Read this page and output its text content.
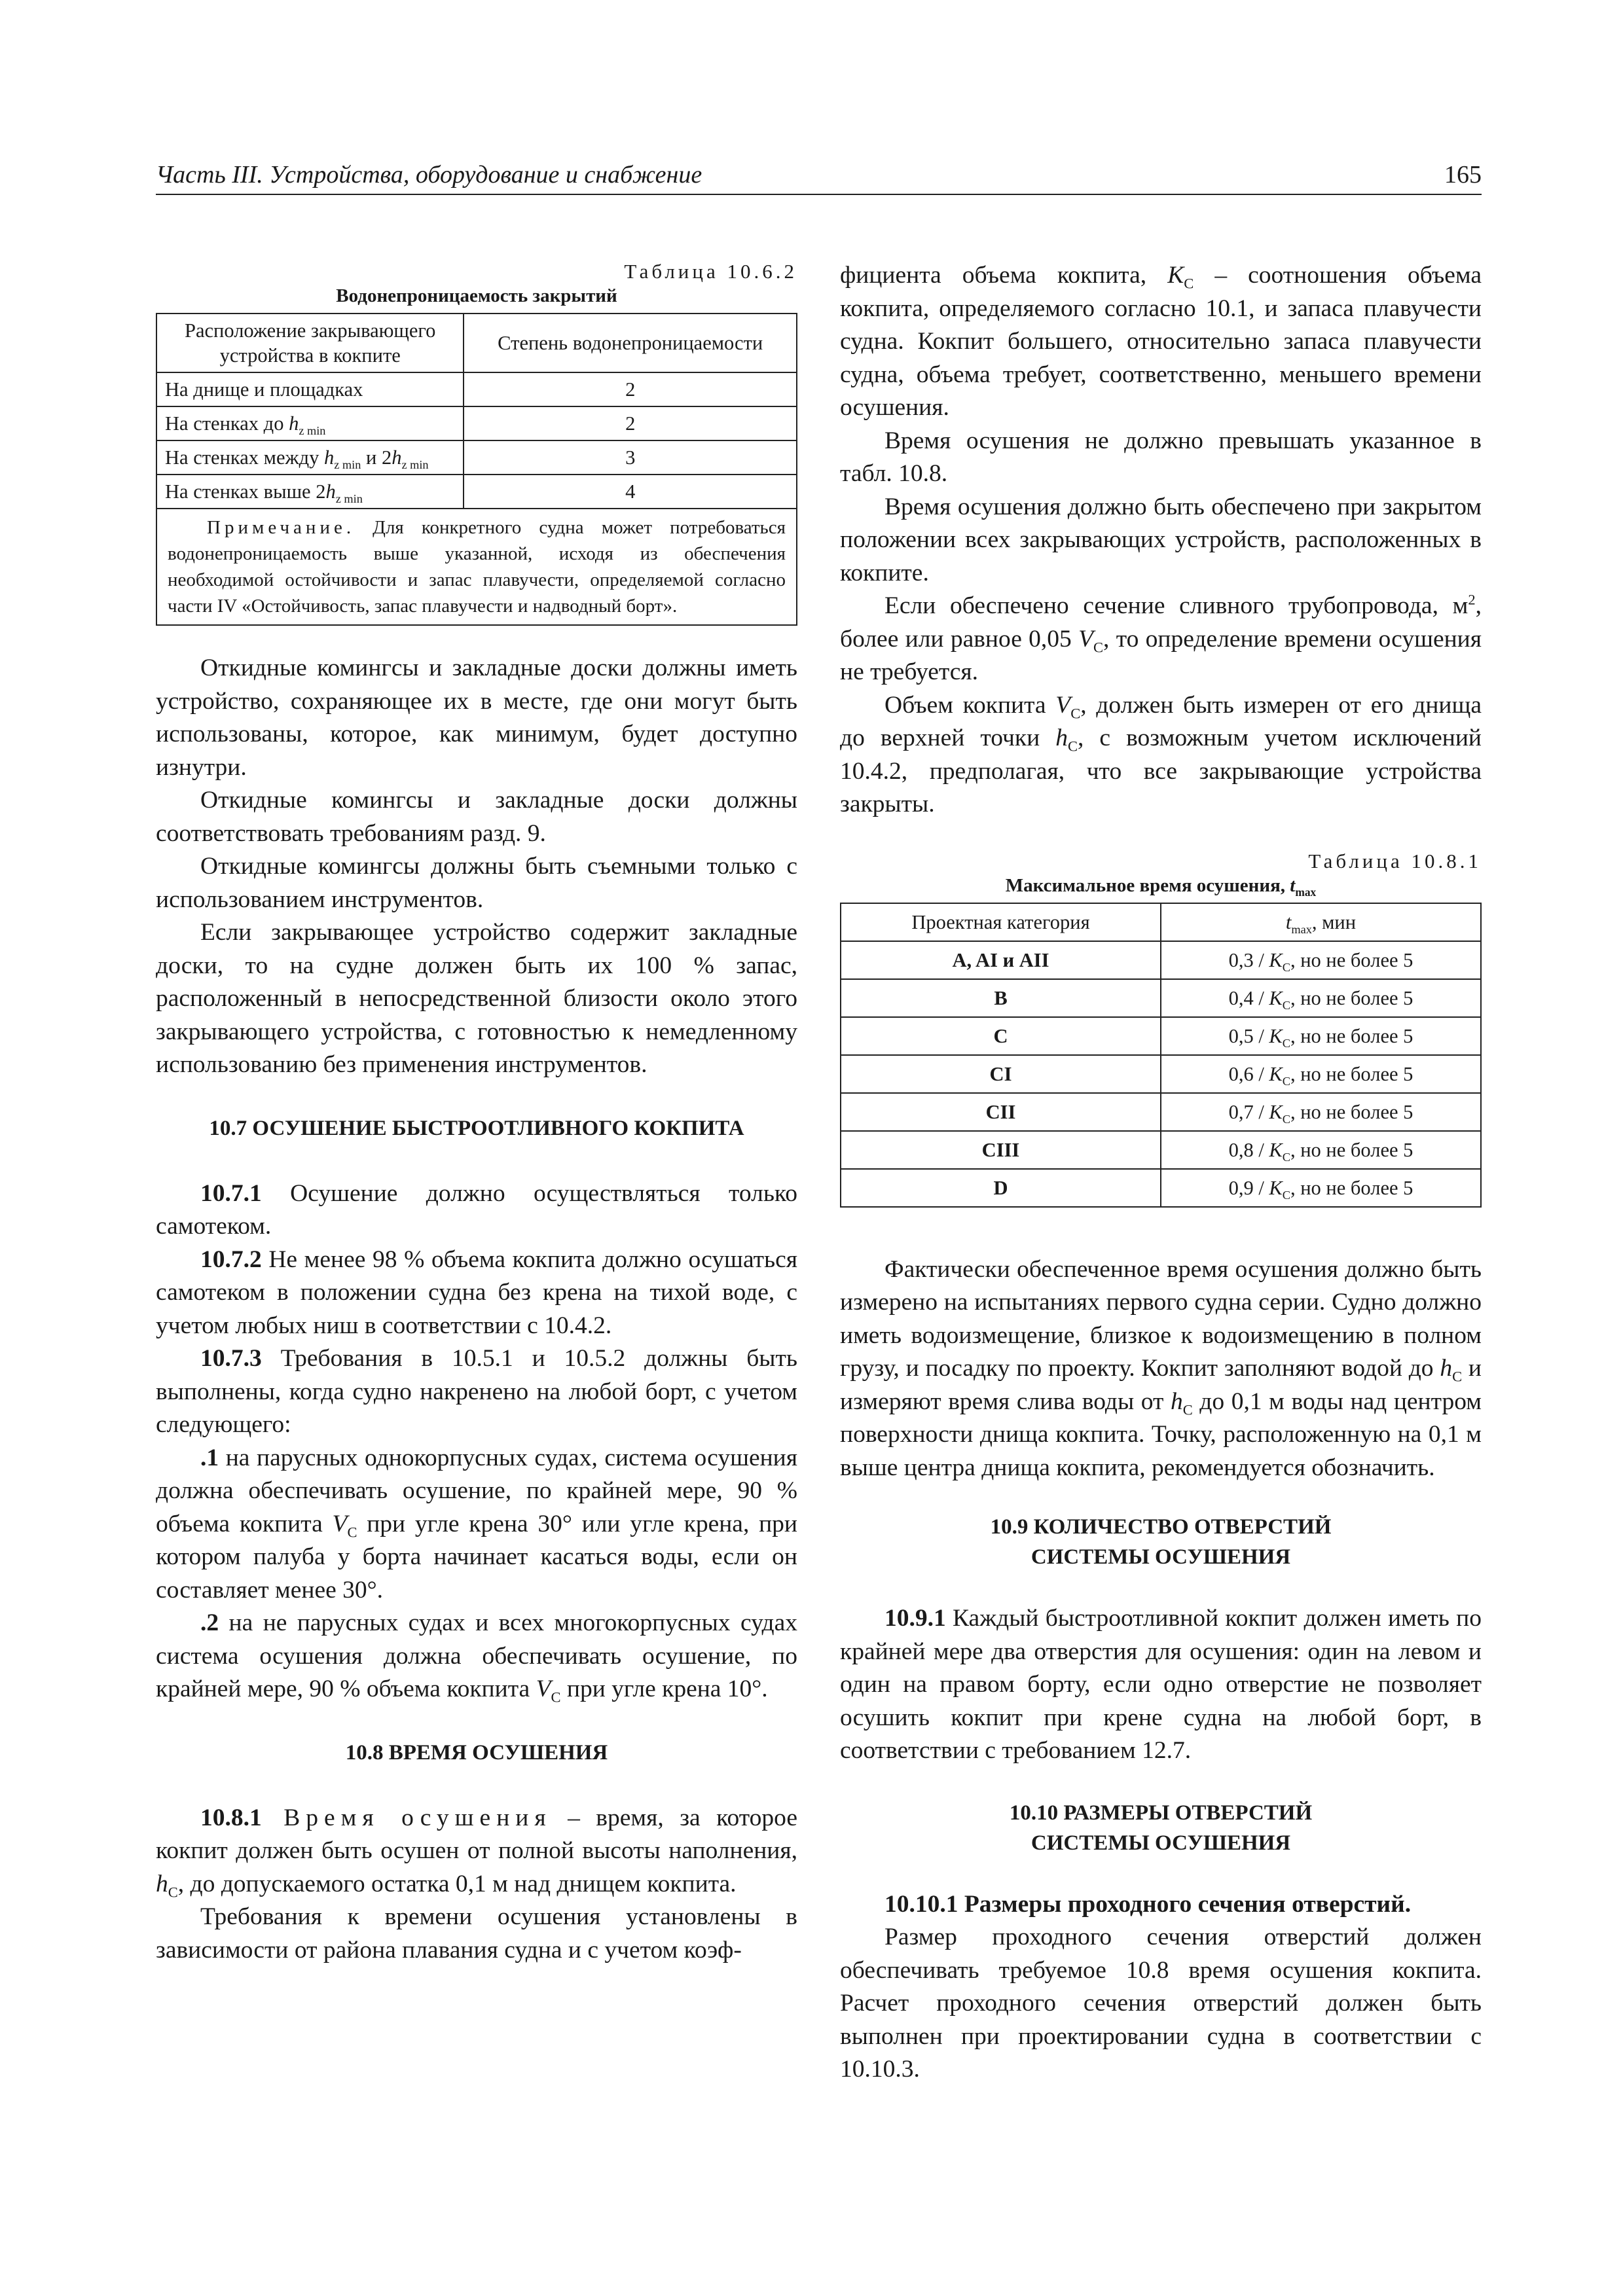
Часть III. Устройства, оборудование и снабжение	165

Таблица 10.6.2

Водонепроницаемость закрытий

Расположение закрывающего устройства в кокпите	Степень водонепроницаемости
На днище и площадках	2
На стенках до $h_{z min}$	2
На стенках между $h_{z min}$ и $2h_{z min}$	3
На стенках выше $2h_{z min}$	4
Примечание. Для конкретного судна может потребоваться водонепроницаемость выше указанной, исходя из обеспечения необходимой остойчивости и запас плавучести, определяемой согласно части IV «Остойчивость, запас плавучести и надводный борт».	

Откидные комингсы и закладные доски должны иметь устройство, сохраняющее их в месте, где они могут быть использованы, которое, как минимум, будет доступно изнутри.

Откидные комингсы и закладные доски должны соответствовать требованиям разд. 9.

Откидные комингсы должны быть съемными только с использованием инструментов.

Если закрывающее устройство содержит закладные доски, то на судне должен быть их 100 % запас, расположенный в непосредственной близости около этого закрывающего устройства, с готовностью к немедленному использованию без применения инструментов.

10.7 ОСУШЕНИЕ БЫСТРООТЛИВНОГО КОКПИТА

10.7.1 Осушение должно осуществляться только самотеком.

10.7.2 Не менее 98 % объема кокпита должно осушаться самотеком в положении судна без крена на тихой воде, с учетом любых ниш в соответствии с 10.4.2.

10.7.3 Требования в 10.5.1 и 10.5.2 должны быть выполнены, когда судно накренено на любой борт, с учетом следующего:

.1 на парусных однокорпусных судах, система осушения должна обеспечивать осушение, по крайней мере, 90 % объема кокпита $V_C$ при угле крена 30° или угле крена, при котором палуба у борта начинает касаться воды, если он составляет менее 30°.

.2 на не парусных судах и всех многокорпусных судах система осушения должна обеспечивать осушение, по крайней мере, 90 % объема кокпита $V_C$ при угле крена 10°.

10.8 ВРЕМЯ ОСУШЕНИЯ

10.8.1 Время осушения – время, за которое кокпит должен быть осушен от полной высоты наполнения, $h_C$, до допускаемого остатка 0,1 м над днищем кокпита.

Требования к времени осушения установлены в зависимости от района плавания судна и с учетом коэф-

фициента объема кокпита, $K_C$ – соотношения объема кокпита, определяемого согласно 10.1, и запаса плавучести судна. Кокпит большего, относительно запаса плавучести судна, объема требует, соответственно, меньшего времени осушения.

Время осушения не должно превышать указанное в табл. 10.8.

Время осушения должно быть обеспечено при закрытом положении всех закрывающих устройств, расположенных в кокпите.

Если обеспечено сечение сливного трубопровода, $м^2$, более или равное 0,05 $V_C$, то определение времени осушения не требуется.

Объем кокпита $V_C$, должен быть измерен от его днища до верхней точки $h_C$, с возможным учетом исключений 10.4.2, предполагая, что все закрывающие устройства закрыты.

Таблица 10.8.1

Максимальное время осушения, $t_{max}$

Проектная категория	$t_{max}$, мин
A, AI и AII	$0,3 / K_C$, но не более 5
B	$0,4 / K_C$, но не более 5
C	$0,5 / K_C$, но не более 5
CI	$0,6 / K_C$, но не более 5
CII	$0,7 / K_C$, но не более 5
CIII	$0,8 / K_C$, но не более 5
D	$0,9 / K_C$, но не более 5

Фактически обеспеченное время осушения должно быть измерено на испытаниях первого судна серии. Судно должно иметь водоизмещение, близкое к водоизмещению в полном грузу, и посадку по проекту. Кокпит заполняют водой до $h_C$ и измеряют время слива воды от $h_C$ до 0,1 м воды над центром поверхности днища кокпита. Точку, расположенную на 0,1 м выше центра днища кокпита, рекомендуется обозначить.

10.9 КОЛИЧЕСТВО ОТВЕРСТИЙ
СИСТЕМЫ ОСУШЕНИЯ

10.9.1 Каждый быстроотливной кокпит должен иметь по крайней мере два отверстия для осушения: один на левом и один на правом борту, если одно отверстие не позволяет осушить кокпит при крене судна на любой борт, в соответствии с требованием 12.7.

10.10 РАЗМЕРЫ ОТВЕРСТИЙ
СИСТЕМЫ ОСУШЕНИЯ

10.10.1 Размеры проходного сечения отверстий.

Размер проходного сечения отверстий должен обеспечивать требуемое 10.8 время осушения кокпита. Расчет проходного сечения отверстий должен быть выполнен при проектировании судна в соответствии с 10.10.3.
